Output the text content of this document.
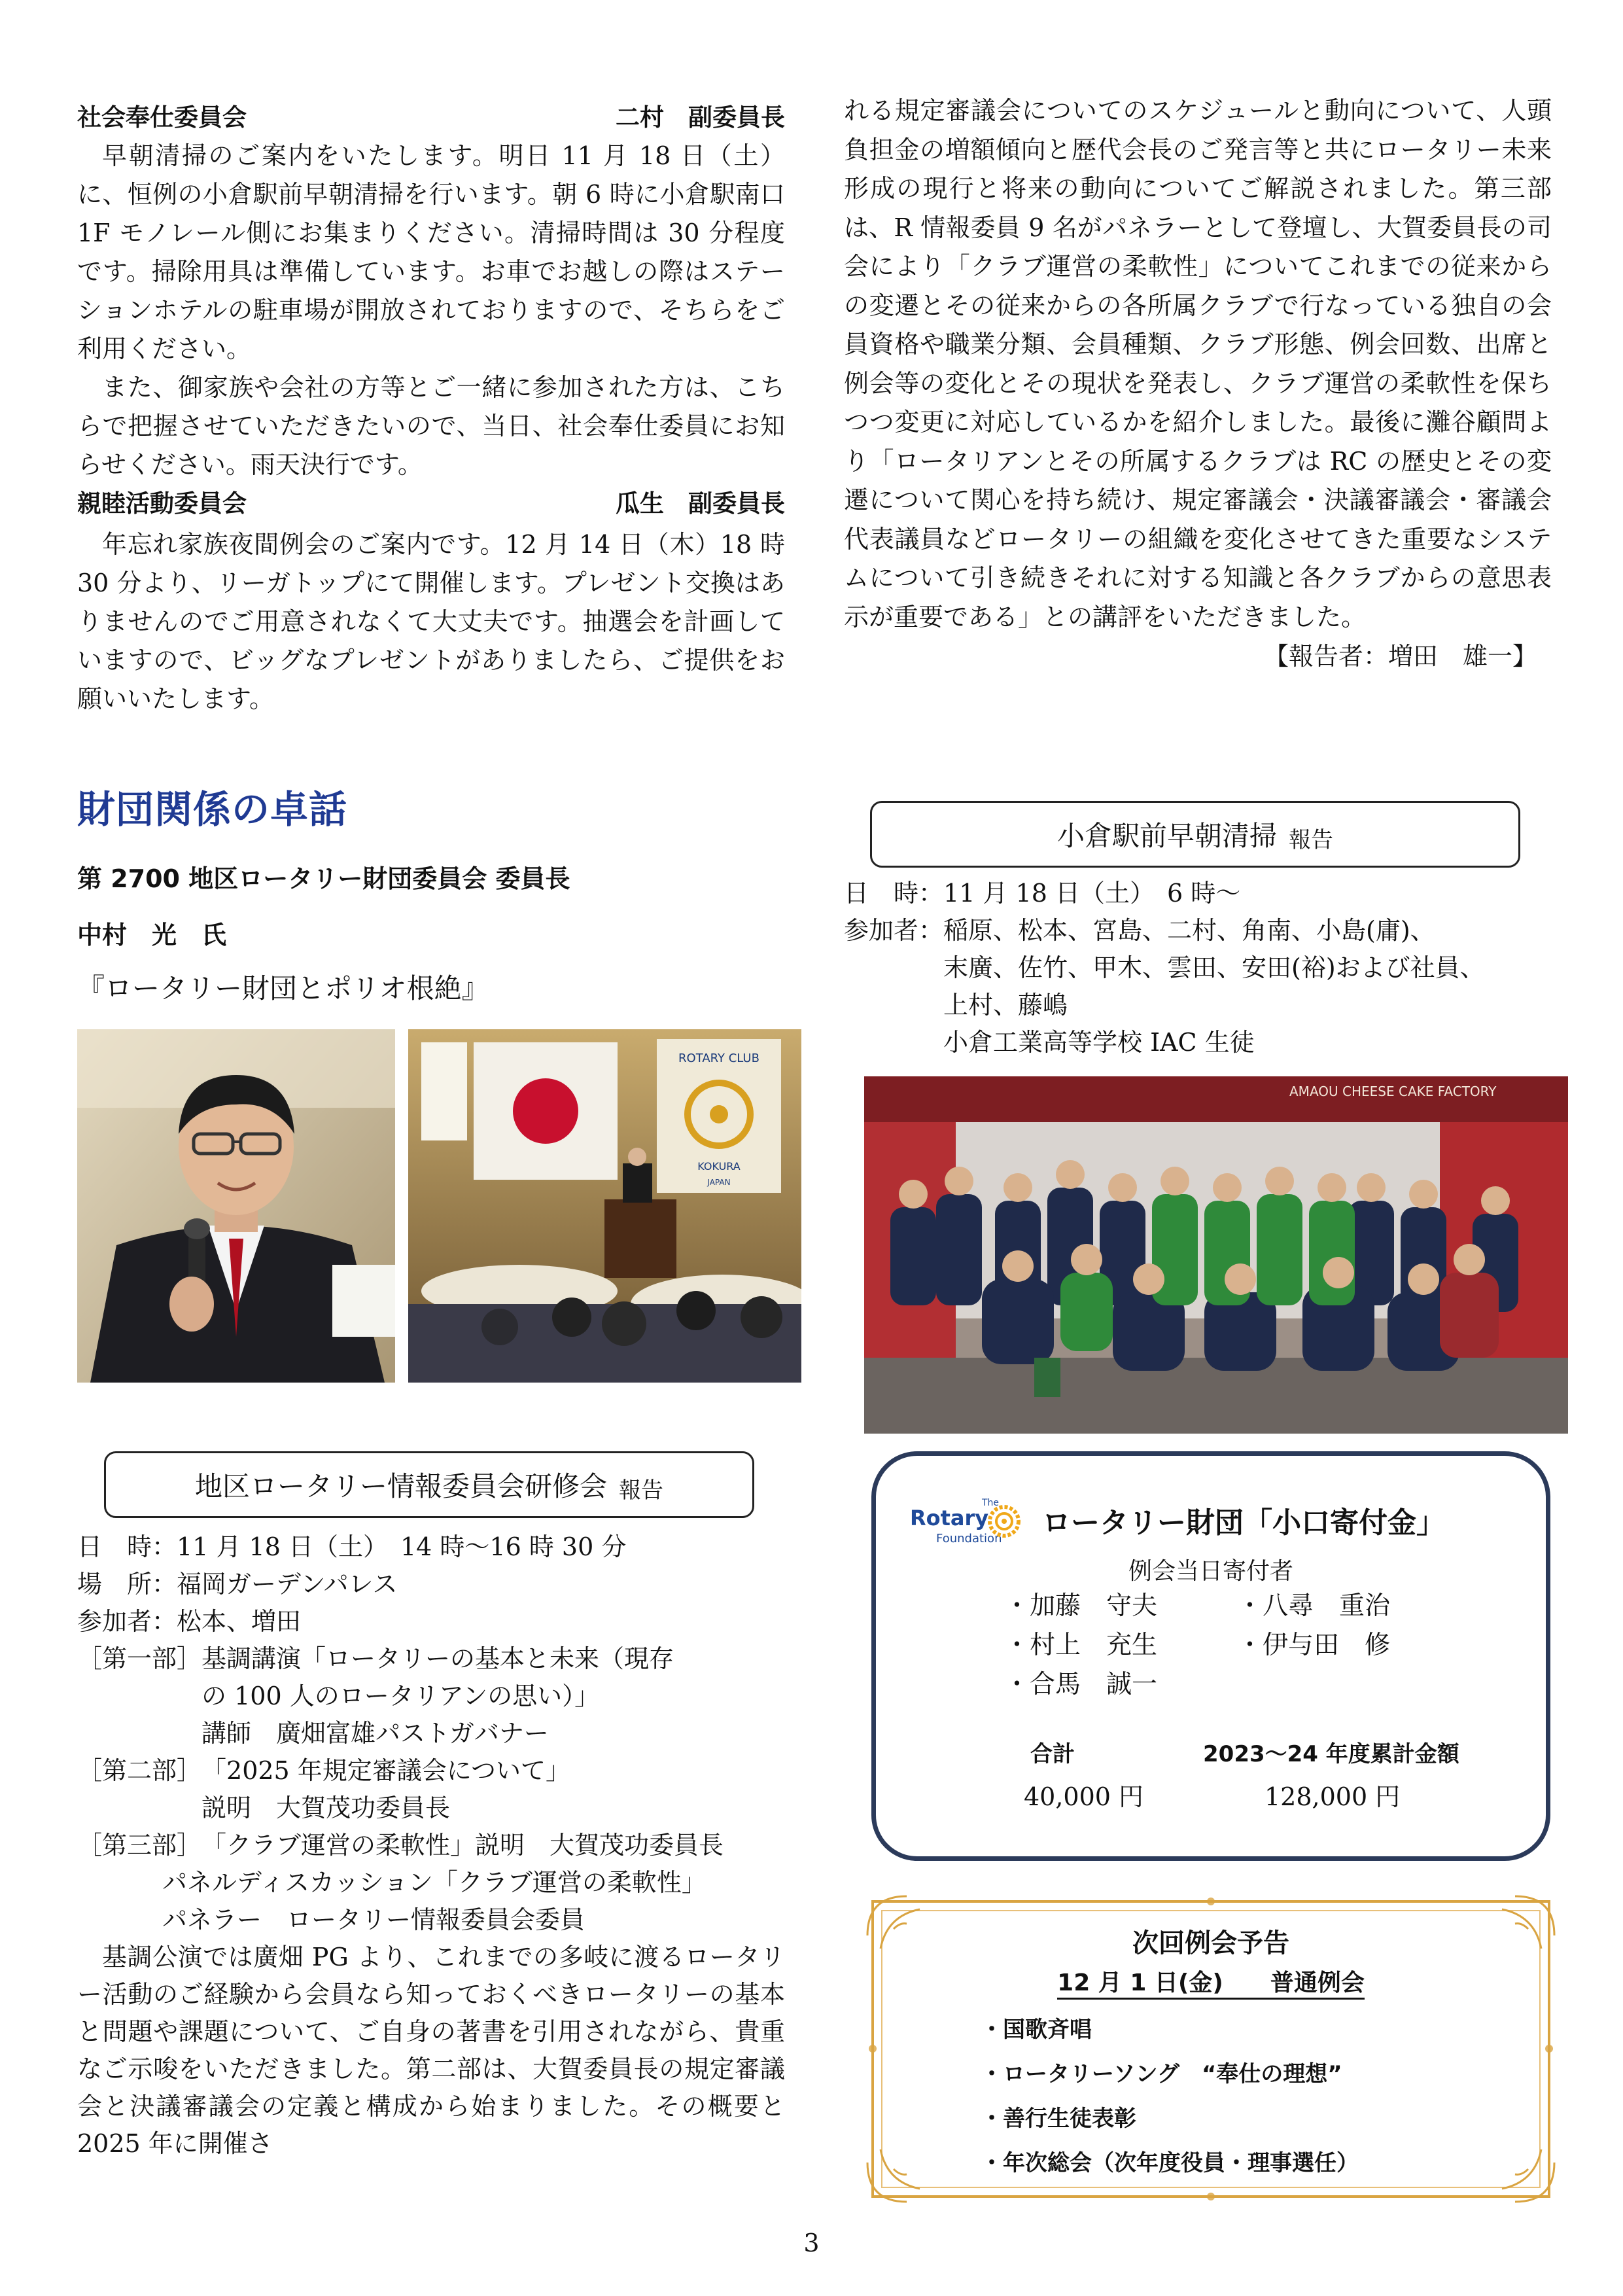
社会奉仕委員会	二村　副委員長

早朝清掃のご案内をいたします。明日 11 月 18 日（土）に、恒例の小倉駅前早朝清掃を行います。朝 6 時に小倉駅南口 1F モノレール側にお集まりください。清掃時間は 30 分程度です。掃除用具は準備しています。お車でお越しの際はステーションホテルの駐車場が開放されておりますので、そちらをご利用ください。

また、御家族や会社の方等とご一緒に参加された方は、こちらで把握させていただきたいので、当日、社会奉仕委員にお知らせください。雨天決行です。

親睦活動委員会	瓜生　副委員長

年忘れ家族夜間例会のご案内です。12 月 14 日（木）18 時 30 分より、リーガトップにて開催します。プレゼント交換はありませんのでご用意されなくて大丈夫です。抽選会を計画していますので、ビッグなプレゼントがありましたら、ご提供をお願いいたします。

財団関係の卓話
第 2700 地区ロータリー財団委員会 委員長
中村　光　氏
『ロータリー財団とポリオ根絶』
ROTARY CLUB
KOKURA
JAPAN
地区ロータリー情報委員会研修会 報告
日　時： 11 月 18 日（土）　14 時～16 時 30 分
場　所： 福岡ガーデンパレス
参加者： 松本、増田
［第一部］ 基調講演「ロータリーの基本と未来（現存
の 100 人のロータリアンの思い）」
講師　廣畑富雄パストガバナー
［第二部］ 「2025 年規定審議会について」
説明　大賀茂功委員長
［第三部］ 「クラブ運営の柔軟性」説明　大賀茂功委員長
パネルディスカッション「クラブ運営の柔軟性」
パネラー　ロータリー情報委員会委員

基調公演では廣畑 PG より、これまでの多岐に渡るロータリー活動のご経験から会員なら知っておくべきロータリーの基本と問題や課題について、ご自身の著書を引用されながら、貴重なご示唆をいただきました。第二部は、大賀委員長の規定審議会と決議審議会の定義と構成から始まりました。その概要と 2025 年に開催さ

れる規定審議会についてのスケジュールと動向について、人頭負担金の増額傾向と歴代会長のご発言等と共にロータリー未来形成の現行と将来の動向についてご解説されました。第三部は、R 情報委員 9 名がパネラーとして登壇し、大賀委員長の司会により「クラブ運営の柔軟性」についてこれまでの従来からの変遷とその従来からの各所属クラブで行なっている独自の会員資格や職業分類、会員種類、クラブ形態、例会回数、出席と例会等の変化とその現状を発表し、クラブ運営の柔軟性を保ちつつ変更に対応しているかを紹介しました。最後に灘谷顧問より「ロータリアンとその所属するクラブは RC の歴史とその変遷について関心を持ち続け、規定審議会・決議審議会・審議会代表議員などロータリーの組織を変化させてきた重要なシステムについて引き続きそれに対する知識と各クラブからの意思表示が重要である」との講評をいただきました。

【報告者：増田　雄一】
小倉駅前早朝清掃 報告
日　時： 11 月 18 日（土）　6 時～
参加者： 稲原、松本、宮島、二村、角南、小島(庸)、
末廣、佐竹、甲木、雲田、安田(裕)および社員、
上村、藤嶋
小倉工業高等学校 IAC 生徒
AMAOU CHEESE CAKE FACTORY
The
Rotary
Foundation ロータリー財団「小口寄付金」
例会当日寄付者
・加藤　守夫	・八尋　重治
・村上　充生	・伊与田　修
・合馬　誠一
合計	2023～24 年度累計金額
40,000 円	128,000 円
次回例会予告
12 月 1 日(金)　　普通例会
・国歌斉唱
・ロータリーソング　“奉仕の理想”
・善行生徒表彰
・年次総会（次年度役員・理事選任）
3
